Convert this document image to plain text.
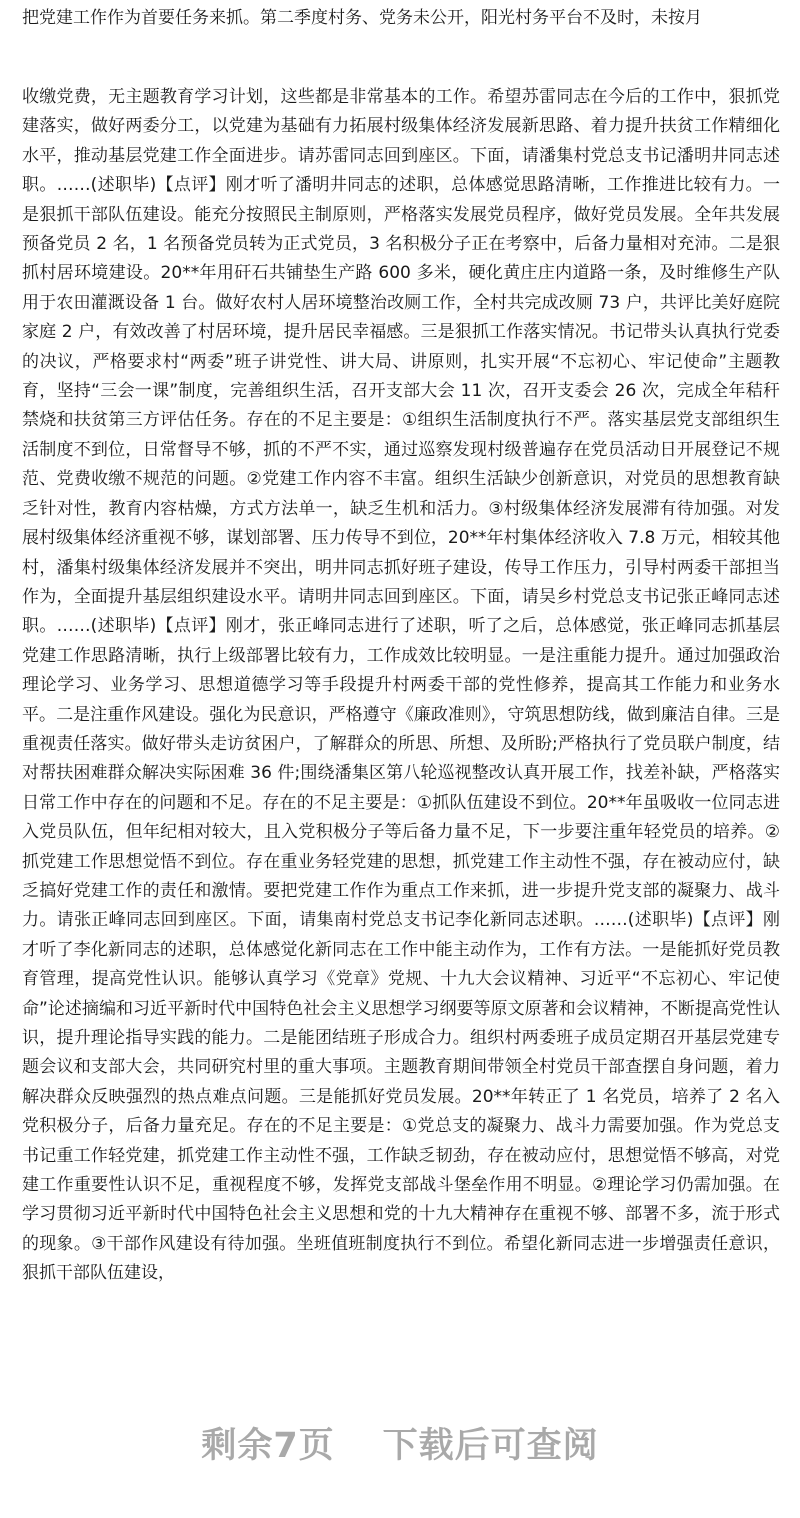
把党建工作作为首要任务来抓。第二季度村务、党务未公开，阳光村务平台不及时，未按月
收缴党费，无主题教育学习计划，这些都是非常基本的工作。希望苏雷同志在今后的工作中，狠抓党建落实，做好两委分工，以党建为基础有力拓展村级集体经济发展新思路、着力提升扶贫工作精细化水平，推动基层党建工作全面进步。请苏雷同志回到座区。下面，请潘集村党总支书记潘明井同志述职。……(述职毕)【点评】刚才听了潘明井同志的述职，总体感觉思路清晰，工作推进比较有力。一是狠抓干部队伍建设。能充分按照民主制原则，严格落实发展党员程序，做好党员发展。全年共发展预备党员 2 名，1 名预备党员转为正式党员，3 名积极分子正在考察中，后备力量相对充沛。二是狠抓村居环境建设。20**年用矸石共铺垫生产路 600 多米，硬化黄庄庄内道路一条，及时维修生产队用于农田灌溉设备 1 台。做好农村人居环境整治改厕工作，全村共完成改厕 73 户，共评比美好庭院家庭 2 户，有效改善了村居环境，提升居民幸福感。三是狠抓工作落实情况。书记带头认真执行党委的决议，严格要求村“两委”班子讲党性、讲大局、讲原则，扎实开展“不忘初心、牢记使命”主题教育，坚持“三会一课”制度，完善组织生活，召开支部大会 11 次，召开支委会 26 次，完成全年秸秆禁烧和扶贫第三方评估任务。存在的不足主要是：①组织生活制度执行不严。落实基层党支部组织生活制度不到位，日常督导不够，抓的不严不实，通过巡察发现村级普遍存在党员活动日开展登记不规范、党费收缴不规范的问题。②党建工作内容不丰富。组织生活缺少创新意识，对党员的思想教育缺乏针对性，教育内容枯燥，方式方法单一，缺乏生机和活力。③村级集体经济发展滞有待加强。对发展村级集体经济重视不够，谋划部署、压力传导不到位，20**年村集体经济收入 7.8 万元，相较其他村，潘集村级集体经济发展并不突出，明井同志抓好班子建设，传导工作压力，引导村两委干部担当作为，全面提升基层组织建设水平。请明井同志回到座区。下面，请吴乡村党总支书记张正峰同志述职。……(述职毕)【点评】刚才，张正峰同志进行了述职，听了之后，总体感觉，张正峰同志抓基层党建工作思路清晰，执行上级部署比较有力，工作成效比较明显。一是注重能力提升。通过加强政治理论学习、业务学习、思想道德学习等手段提升村两委干部的党性修养，提高其工作能力和业务水平。二是注重作风建设。强化为民意识，严格遵守《廉政准则》，守筑思想防线，做到廉洁自律。三是重视责任落实。做好带头走访贫困户，了解群众的所思、所想、及所盼;严格执行了党员联户制度，结对帮扶困难群众解决实际困难 36 件;围绕潘集区第八轮巡视整改认真开展工作，找差补缺，严格落实日常工作中存在的问题和不足。存在的不足主要是：①抓队伍建设不到位。20**年虽吸收一位同志进入党员队伍，但年纪相对较大，且入党积极分子等后备力量不足，下一步要注重年轻党员的培养。②抓党建工作思想觉悟不到位。存在重业务轻党建的思想，抓党建工作主动性不强，存在被动应付，缺乏搞好党建工作的责任和激情。要把党建工作作为重点工作来抓，进一步提升党支部的凝聚力、战斗力。请张正峰同志回到座区。下面，请集南村党总支书记李化新同志述职。……(述职毕)【点评】刚才听了李化新同志的述职，总体感觉化新同志在工作中能主动作为，工作有方法。一是能抓好党员教育管理，提高党性认识。能够认真学习《党章》党规、十九大会议精神、习近平“不忘初心、牢记使命”论述摘编和习近平新时代中国特色社会主义思想学习纲要等原文原著和会议精神，不断提高党性认识，提升理论指导实践的能力。二是能团结班子形成合力。组织村两委班子成员定期召开基层党建专题会议和支部大会，共同研究村里的重大事项。主题教育期间带领全村党员干部查摆自身问题，着力解决群众反映强烈的热点难点问题。三是能抓好党员发展。20**年转正了 1 名党员，培养了 2 名入党积极分子，后备力量充足。存在的不足主要是：①党总支的凝聚力、战斗力需要加强。作为党总支书记重工作轻党建，抓党建工作主动性不强，工作缺乏韧劲，存在被动应付，思想觉悟不够高，对党建工作重要性认识不足，重视程度不够，发挥党支部战斗堡垒作用不明显。②理论学习仍需加强。在学习贯彻习近平新时代中国特色社会主义思想和党的十九大精神存在重视不够、部署不多，流于形式的现象。③干部作风建设有待加强。坐班值班制度执行不到位。希望化新同志进一步增强责任意识，狠抓干部队伍建设，
剩余7页 下载后可查阅
